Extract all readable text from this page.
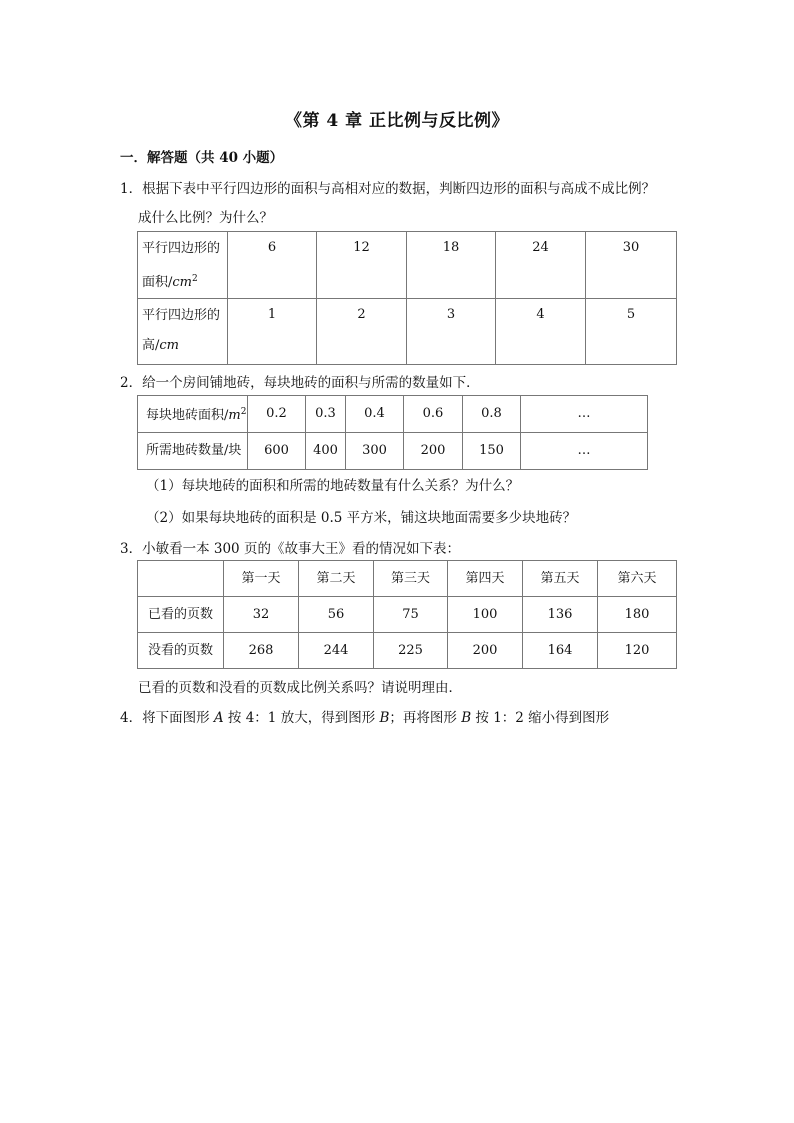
《第 4 章 正比例与反比例》
一．解答题（共 40 小题）
1．根据下表中平行四边形的面积与高相对应的数据，判断四边形的面积与高成不成比例？
成什么比例？为什么？
平行四边形的
面积$/cm^2$	6	12	18	24	30
平行四边形的
高/cm	1	2	3	4	5
2．给一个房间铺地砖，每块地砖的面积与所需的数量如下．
每块地砖面积$/m^2$	0.2	0.3	0.4	0.6	0.8	…
所需地砖数量/块	600	400	300	200	150	…
（1）每块地砖的面积和所需的地砖数量有什么关系？为什么？
（2）如果每块地砖的面积是 0.5 平方米，铺这块地面需要多少块地砖？
3．小敏看一本 300 页的《故事大王》看的情况如下表：
	第一天	第二天	第三天	第四天	第五天	第六天
已看的页数	32	56	75	100	136	180
没看的页数	268	244	225	200	164	120
已看的页数和没看的页数成比例关系吗？请说明理由．
4．将下面图形 A 按 4：1 放大，得到图形 B；再将图形 B 按 1：2 缩小得到图形
